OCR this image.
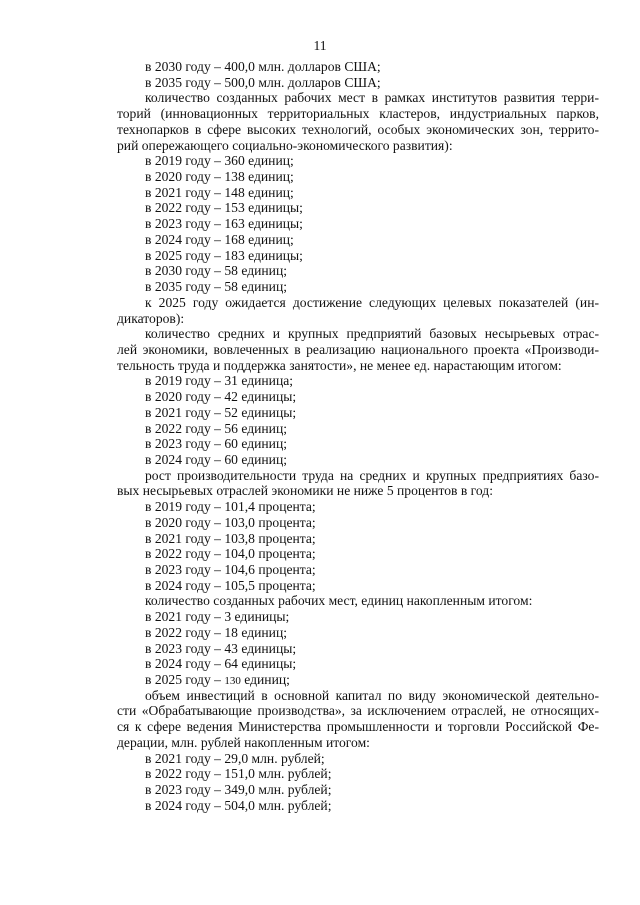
11
в 2030 году – 400,0 млн. долларов США;
в 2035 году – 500,0 млн. долларов США;
количество созданных рабочих мест в рамках институтов развития терри-
торий (инновационных территориальных кластеров, индустриальных парков,
технопарков в сфере высоких технологий, особых экономических зон, террито-
рий опережающего социально-экономического развития):
в 2019 году – 360 единиц;
в 2020 году – 138 единиц;
в 2021 году – 148 единиц;
в 2022 году – 153 единицы;
в 2023 году – 163 единицы;
в 2024 году – 168 единиц;
в 2025 году – 183 единицы;
в 2030 году – 58 единиц;
в 2035 году – 58 единиц;
к 2025 году ожидается достижение следующих целевых показателей (ин-
дикаторов):
количество средних и крупных предприятий базовых несырьевых отрас-
лей экономики, вовлеченных в реализацию национального проекта «Производи-
тельность труда и поддержка занятости», не менее ед. нарастающим итогом:
в 2019 году – 31 единица;
в 2020 году – 42 единицы;
в 2021 году – 52 единицы;
в 2022 году – 56 единиц;
в 2023 году – 60 единиц;
в 2024 году – 60 единиц;
рост производительности труда на средних и крупных предприятиях базо-
вых несырьевых отраслей экономики не ниже 5 процентов в год:
в 2019 году – 101,4 процента;
в 2020 году – 103,0 процента;
в 2021 году – 103,8 процента;
в 2022 году – 104,0 процента;
в 2023 году – 104,6 процента;
в 2024 году – 105,5 процента;
количество созданных рабочих мест, единиц накопленным итогом:
в 2021 году – 3 единицы;
в 2022 году – 18 единиц;
в 2023 году – 43 единицы;
в 2024 году – 64 единицы;
в 2025 году – 130 единиц;
объем инвестиций в основной капитал по виду экономической деятельно-
сти «Обрабатывающие производства», за исключением отраслей, не относящих-
ся к сфере ведения Министерства промышленности и торговли Российской Фе-
дерации, млн. рублей накопленным итогом:
в 2021 году – 29,0 млн. рублей;
в 2022 году – 151,0 млн. рублей;
в 2023 году – 349,0 млн. рублей;
в 2024 году – 504,0 млн. рублей;
